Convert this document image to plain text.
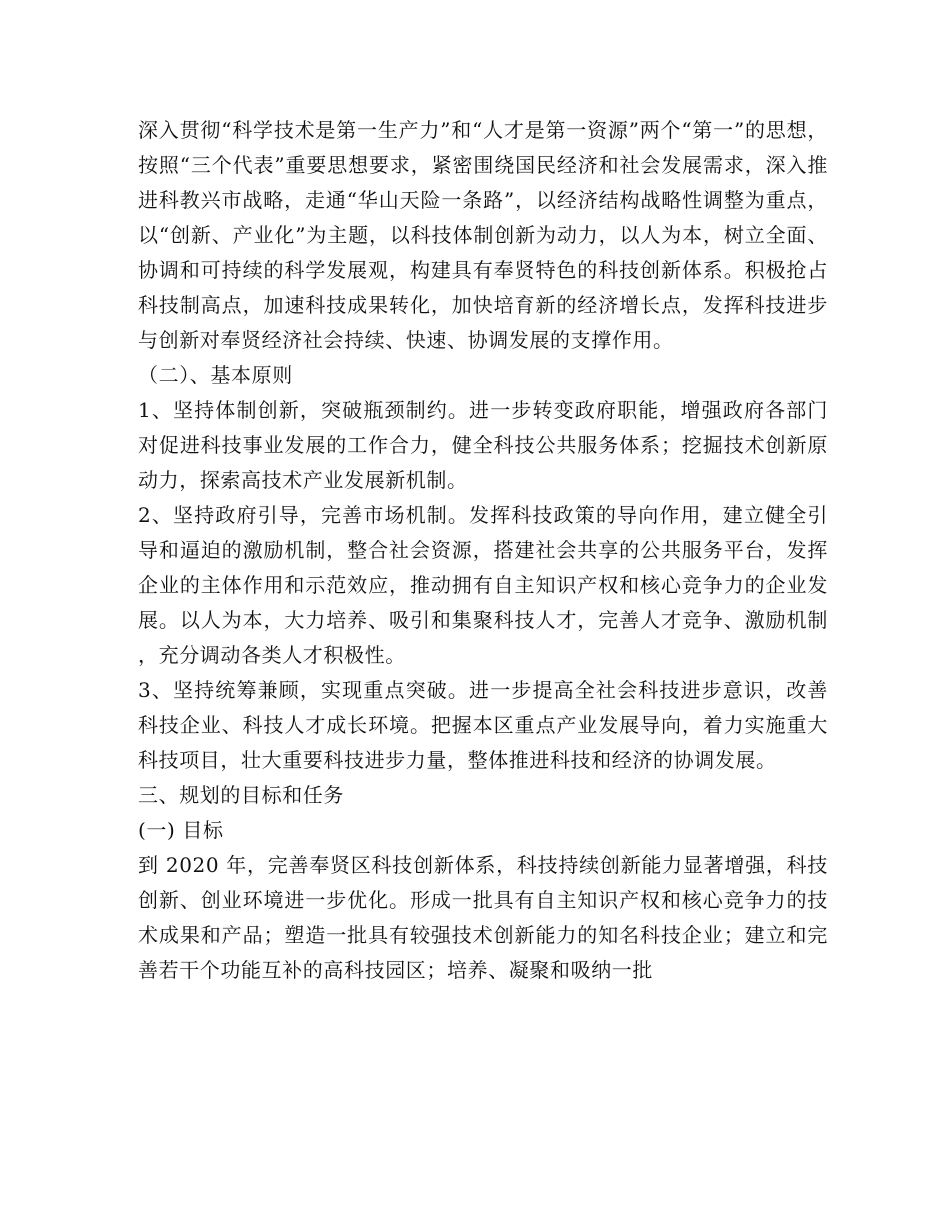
深入贯彻“科学技术是第一生产力”和“人才是第一资源”两个“第一”的思想，按照“三个代表”重要思想要求，紧密围绕国民经济和社会发展需求，深入推进科教兴市战略，走通“华山天险一条路”，以经济结构战略性调整为重点，以“创新、产业化”为主题，以科技体制创新为动力，以人为本，树立全面、协调和可持续的科学发展观，构建具有奉贤特色的科技创新体系。积极抢占科技制高点，加速科技成果转化，加快培育新的经济增长点，发挥科技进步与创新对奉贤经济社会持续、快速、协调发展的支撑作用。

（二）、基本原则

1、坚持体制创新，突破瓶颈制约。进一步转变政府职能，增强政府各部门对促进科技事业发展的工作合力，健全科技公共服务体系；挖掘技术创新原动力，探索高技术产业发展新机制。

2、坚持政府引导，完善市场机制。发挥科技政策的导向作用，建立健全引导和逼迫的激励机制，整合社会资源，搭建社会共享的公共服务平台，发挥企业的主体作用和示范效应，推动拥有自主知识产权和核心竞争力的企业发展。以人为本，大力培养、吸引和集聚科技人才，完善人才竞争、激励机制，充分调动各类人才积极性。

3、坚持统筹兼顾，实现重点突破。进一步提高全社会科技进步意识，改善科技企业、科技人才成长环境。把握本区重点产业发展导向，着力实施重大科技项目，壮大重要科技进步力量，整体推进科技和经济的协调发展。

三、规划的目标和任务

(一) 目标

到 2020 年，完善奉贤区科技创新体系，科技持续创新能力显著增强，科技创新、创业环境进一步优化。形成一批具有自主知识产权和核心竞争力的技术成果和产品；塑造一批具有较强技术创新能力的知名科技企业；建立和完善若干个功能互补的高科技园区；培养、凝聚和吸纳一批
